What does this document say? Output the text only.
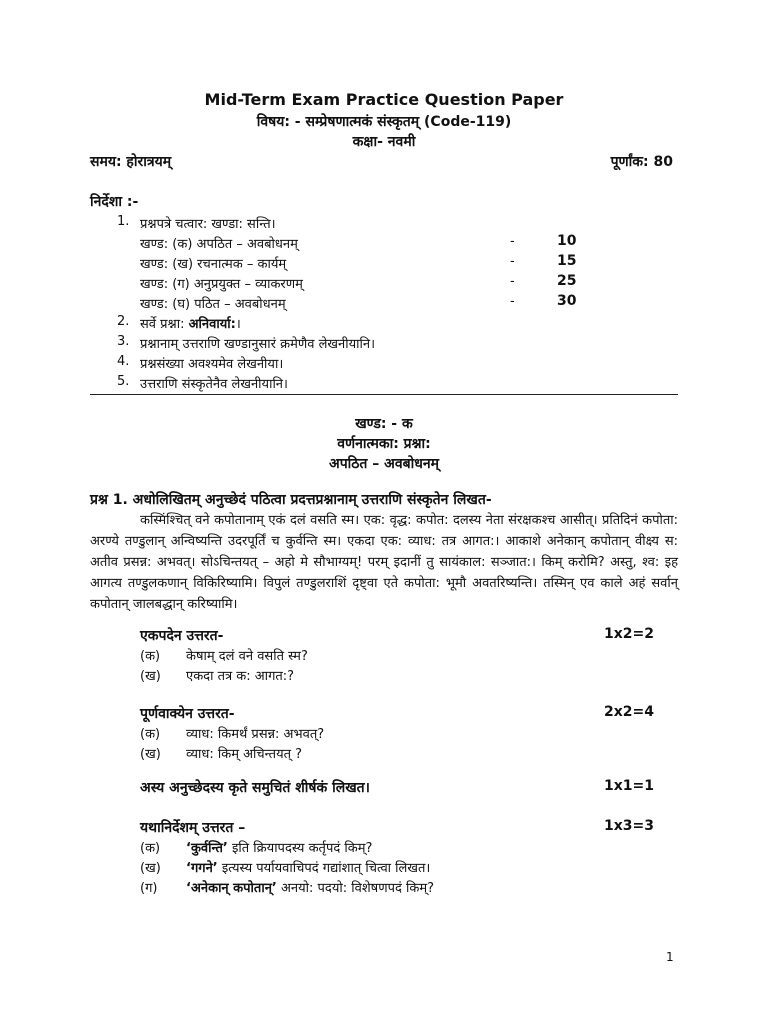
Mid-Term Exam Practice Question Paper
विषय: - सम्प्रेषणात्मकं संस्कृतम् (Code-119)
कक्षा- नवमी
समय: होरात्रयम्	पूर्णांक: 80
निर्देशा :-
1. प्रश्नपत्रे चत्वार: खण्डा: सन्ति।
खण्ड: (क) अपठित – अवबोधनम्	-	10
खण्ड: (ख) रचनात्मक – कार्यम्	-	15
खण्ड: (ग) अनुप्रयुक्त – व्याकरणम्	-	25
खण्ड: (घ) पठित – अवबोधनम्	-	30
2. सर्वे प्रश्ना: अनिवार्या:।
3. प्रश्नानाम् उत्तराणि खण्डानुसारं क्रमेणैव लेखनीयानि।
4. प्रश्नसंख्या अवश्यमेव लेखनीया।
5. उत्तराणि संस्कृतेनैव लेखनीयानि।
खण्ड: - क
वर्णनात्मका: प्रश्ना:
अपठित – अवबोधनम्
प्रश्न 1. अधोलिखितम् अनुच्छेदं पठित्वा प्रदत्तप्रश्नानाम् उत्तराणि संस्कृतेन लिखत-

कस्मिंश्चित् वने कपोतानाम् एकं दलं वसति स्म। एक: वृद्ध: कपोत: दलस्य नेता संरक्षकश्च आसीत्। प्रतिदिनं कपोता: अरण्ये तण्डुलान् अन्विष्यन्ति उदरपूर्तिं च कुर्वन्ति स्म। एकदा एक: व्याध: तत्र आगत:। आकाशे अनेकान् कपोतान् वीक्ष्य स: अतीव प्रसन्न: अभवत्। सोऽचिन्तयत् – अहो मे सौभाग्यम्! परम् इदानीं तु सायंकाल: सञ्जात:। किम् करोमि? अस्तु, श्व: इह आगत्य तण्डुलकणान् विकिरिष्यामि। विपुलं तण्डुलराशिं दृष्ट्वा एते कपोता: भूमौ अवतरिष्यन्ति। तस्मिन् एव काले अहं सर्वान् कपोतान् जालबद्धान् करिष्यामि।

एकपदेन उत्तरत-	1x2=2
(क) केषाम् दलं वने वसति स्म?
(ख) एकदा तत्र क: आगत:?
पूर्णवाक्येन उत्तरत-	2x2=4
(क) व्याध: किमर्थं प्रसन्न: अभवत्?
(ख) व्याध: किम् अचिन्तयत् ?
अस्य अनुच्छेदस्य कृते समुचितं शीर्षकं लिखत।	1x1=1
यथानिर्देशम् उत्तरत –	1x3=3
(क) ‘कुर्वन्ति’ इति क्रियापदस्य कर्तृपदं किम्?
(ख) ‘गगने’ इत्यस्य पर्यायवाचिपदं गद्यांशात् चित्वा लिखत।
(ग) ‘अनेकान् कपोतान्’ अनयो: पदयो: विशेषणपदं किम्?
1
